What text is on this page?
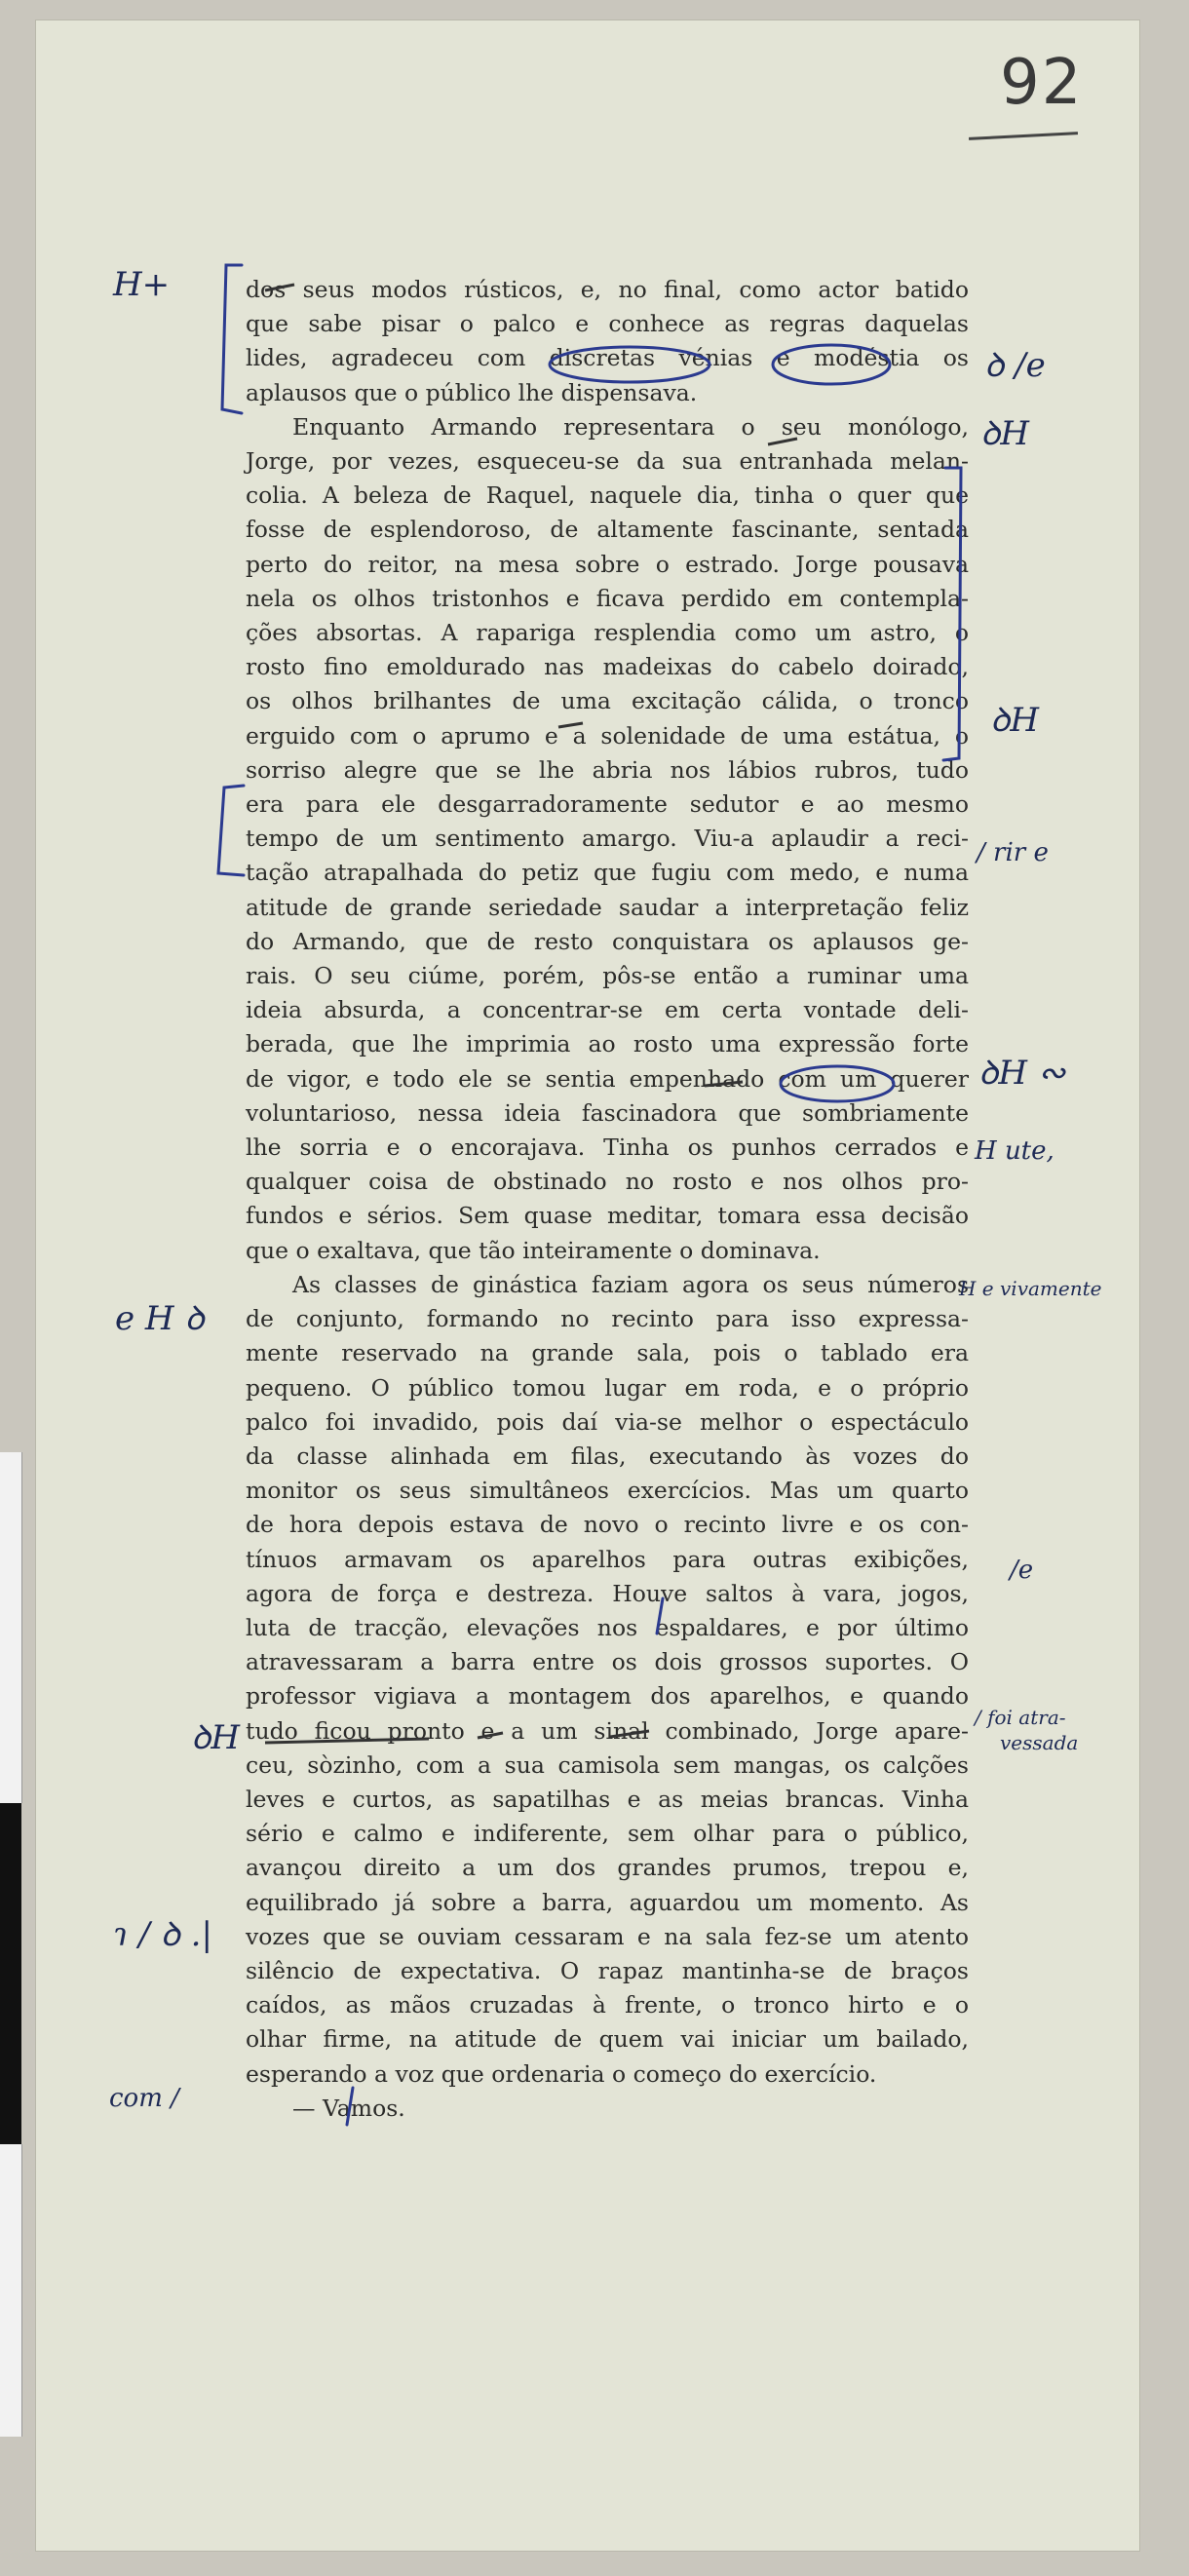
92
dos seus modos rústicos, e, no final, como actor batido
que sabe pisar o palco e conhece as regras daquelas
lides, agradeceu com discretas vénias e modéstia os
aplausos que o público lhe dispensava.
Enquanto Armando representara o seu monólogo,
Jorge, por vezes, esqueceu-se da sua entranhada melan-
colia. A beleza de Raquel, naquele dia, tinha o quer que
fosse de esplendoroso, de altamente fascinante, sentada
perto do reitor, na mesa sobre o estrado. Jorge pousava
nela os olhos tristonhos e ficava perdido em contempla-
ções absortas. A rapariga resplendia como um astro, o
rosto fino emoldurado nas madeixas do cabelo doirado,
os olhos brilhantes de uma excitação cálida, o tronco
erguido com o aprumo e a solenidade de uma estátua, o
sorriso alegre que se lhe abria nos lábios rubros, tudo
era para ele desgarradoramente sedutor e ao mesmo
tempo de um sentimento amargo. Viu-a aplaudir a reci-
tação atrapalhada do petiz que fugiu com medo, e numa
atitude de grande seriedade saudar a interpretação feliz
do Armando, que de resto conquistara os aplausos ge-
rais. O seu ciúme, porém, pôs-se então a ruminar uma
ideia absurda, a concentrar-se em certa vontade deli-
berada, que lhe imprimia ao rosto uma expressão forte
de vigor, e todo ele se sentia empenhado com um querer
voluntarioso, nessa ideia fascinadora que sombriamente
lhe sorria e o encorajava. Tinha os punhos cerrados e
qualquer coisa de obstinado no rosto e nos olhos pro-
fundos e sérios. Sem quase meditar, tomara essa decisão
que o exaltava, que tão inteiramente o dominava.
As classes de ginástica faziam agora os seus números
de conjunto, formando no recinto para isso expressa-
mente reservado na grande sala, pois o tablado era
pequeno. O público tomou lugar em roda, e o próprio
palco foi invadido, pois daí via-se melhor o espectáculo
da classe alinhada em filas, executando às vozes do
monitor os seus simultâneos exercícios. Mas um quarto
de hora depois estava de novo o recinto livre e os con-
tínuos armavam os aparelhos para outras exibições,
agora de força e destreza. Houve saltos à vara, jogos,
luta de tracção, elevações nos espaldares, e por último
atravessaram a barra entre os dois grossos suportes. O
professor vigiava a montagem dos aparelhos, e quando
tudo ficou pronto e a um sinal combinado, Jorge apare-
ceu, sòzinho, com a sua camisola sem mangas, os calções
leves e curtos, as sapatilhas e as meias brancas. Vinha
sério e calmo e indiferente, sem olhar para o público,
avançou direito a um dos grandes prumos, trepou e,
equilibrado já sobre a barra, aguardou um momento. As
vozes que se ouviam cessaram e na sala fez-se um atento
silêncio de expectativa. O rapaz mantinha-se de braços
caídos, as mãos cruzadas à frente, o tronco hirto e o
olhar firme, na atitude de quem vai iniciar um bailado,
esperando a voz que ordenaria o começo do exercício.
— Vamos.
H+
ꝺ /e
ꝺH
ꝺH
/ rir e
ꝺH ∾
H ute,
e H ꝺ
H e vivamente
/e
ꝺH
/ foi atra-
vessada
ɿ / ꝺ .|
com /
